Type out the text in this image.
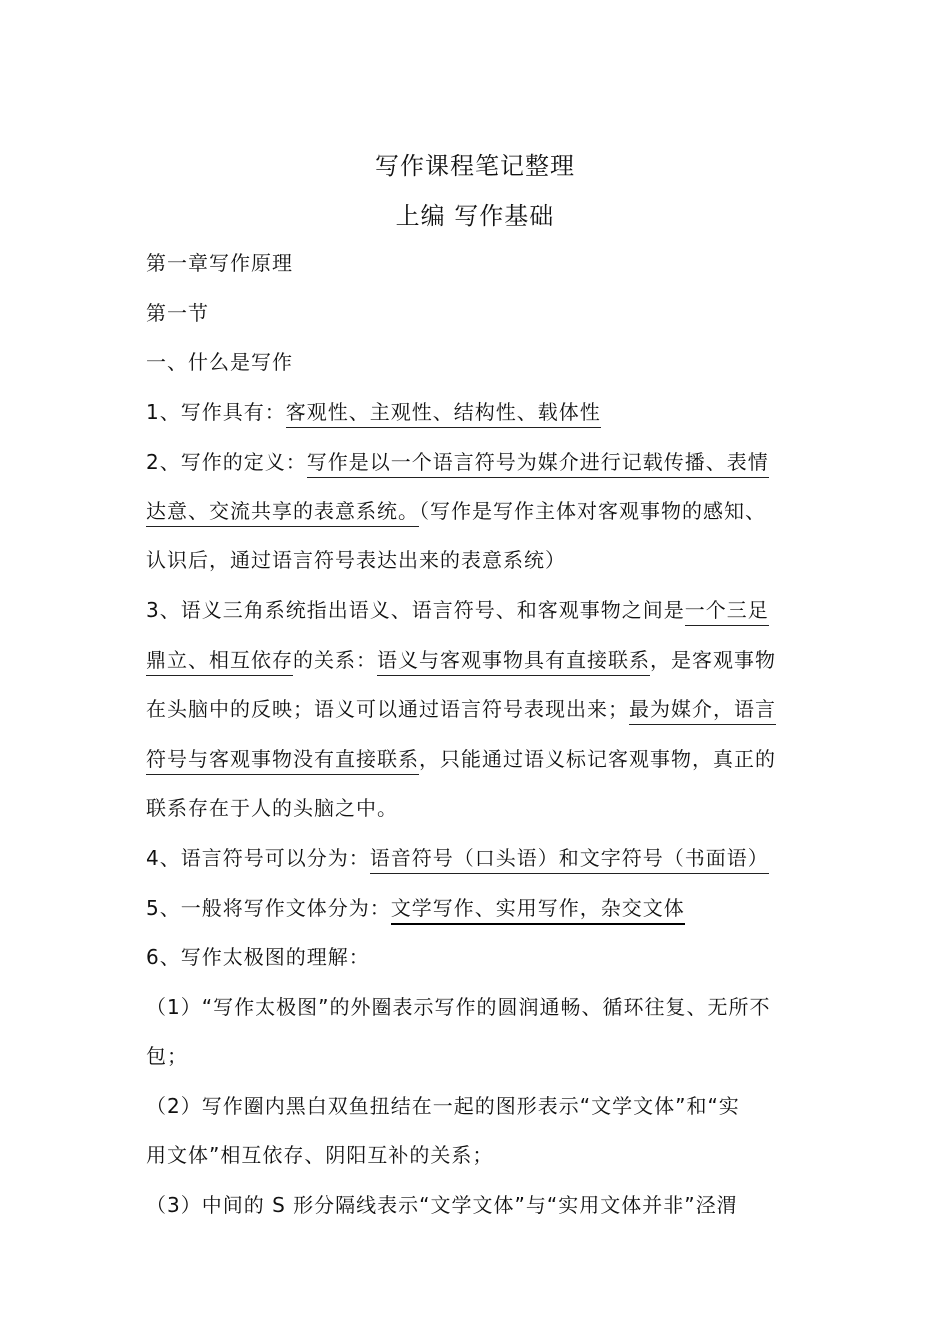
写作课程笔记整理
上编 写作基础
第一章写作原理
第一节
一、什么是写作
1、写作具有：客观性、主观性、结构性、载体性
2、写作的定义：写作是以一个语言符号为媒介进行记载传播、表情
达意、交流共享的表意系统。（写作是写作主体对客观事物的感知、
认识后，通过语言符号表达出来的表意系统）
3、语义三角系统指出语义、语言符号、和客观事物之间是一个三足
鼎立、相互依存的关系：语义与客观事物具有直接联系，是客观事物
在头脑中的反映；语义可以通过语言符号表现出来；最为媒介，语言
符号与客观事物没有直接联系，只能通过语义标记客观事物，真正的
联系存在于人的头脑之中。
4、语言符号可以分为：语音符号（口头语）和文字符号（书面语）
5、一般将写作文体分为：文学写作、实用写作，杂交文体
6、写作太极图的理解：
（1）“写作太极图”的外圈表示写作的圆润通畅、循环往复、无所不
包；
（2）写作圈内黑白双鱼扭结在一起的图形表示“文学文体”和“实
用文体”相互依存、阴阳互补的关系；
（3）中间的 S 形分隔线表示“文学文体”与“实用文体并非”泾渭
